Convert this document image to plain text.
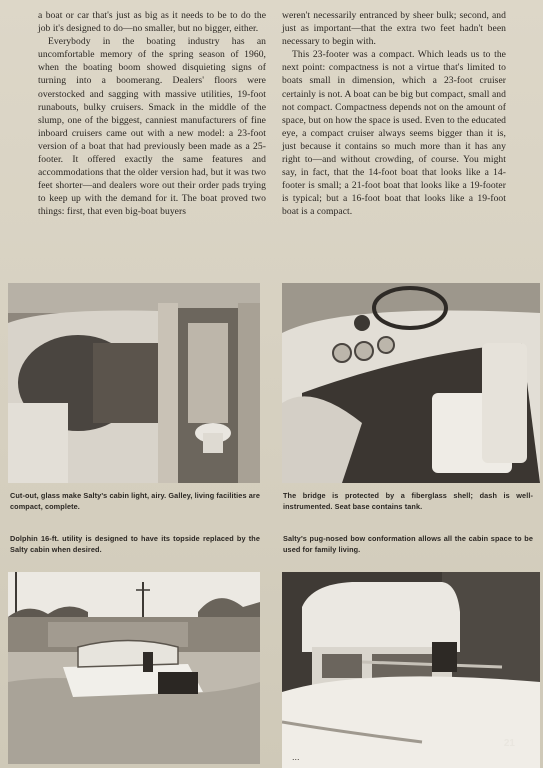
a boat or car that's just as big as it needs to be to do the job it's designed to do—no smaller, but no bigger, either.

Everybody in the boating industry has an uncomfortable memory of the spring season of 1960, when the boating boom showed disquieting signs of turning into a boomerang. Dealers' floors were overstocked and sagging with massive utilities, 19-foot runabouts, bulky cruisers. Smack in the middle of the slump, one of the biggest, canniest manufacturers of fine inboard cruisers came out with a new model: a 23-foot version of a boat that had previously been made as a 25-footer. It offered exactly the same features and accommodations that the older version had, but it was two feet shorter—and dealers wore out their order pads trying to keep up with the demand for it. The boat proved two things: first, that even big-boat buyers

weren't necessarily entranced by sheer bulk; second, and just as important—that the extra two feet hadn't been necessary to begin with.

This 23-footer was a compact. Which leads us to the next point: compactness is not a virtue that's limited to boats small in dimension, which a 23-foot cruiser certainly is not. A boat can be big but compact, small and not compact. Compactness depends not on the amount of space, but on how the space is used. Even to the educated eye, a compact cruiser always seems bigger than it is, just because it contains so much more than it has any right to—and without crowding, of course. You might say, in fact, that the 14-foot boat that looks like a 14-footer is small; a 21-foot boat that looks like a 19-footer is typical; but a 16-foot boat that looks like a 19-foot boat is a compact.

Cut-out, glass make Salty's cabin light, airy. Galley, living facilities are compact, complete.
The bridge is protected by a fiberglass shell; dash is well-instrumented. Seat base contains tank.
Dolphin 16-ft. utility is designed to have its topside replaced by the Salty cabin when desired.
Salty's pug-nosed bow conformation allows all the cabin space to be used for family living.
...
21
